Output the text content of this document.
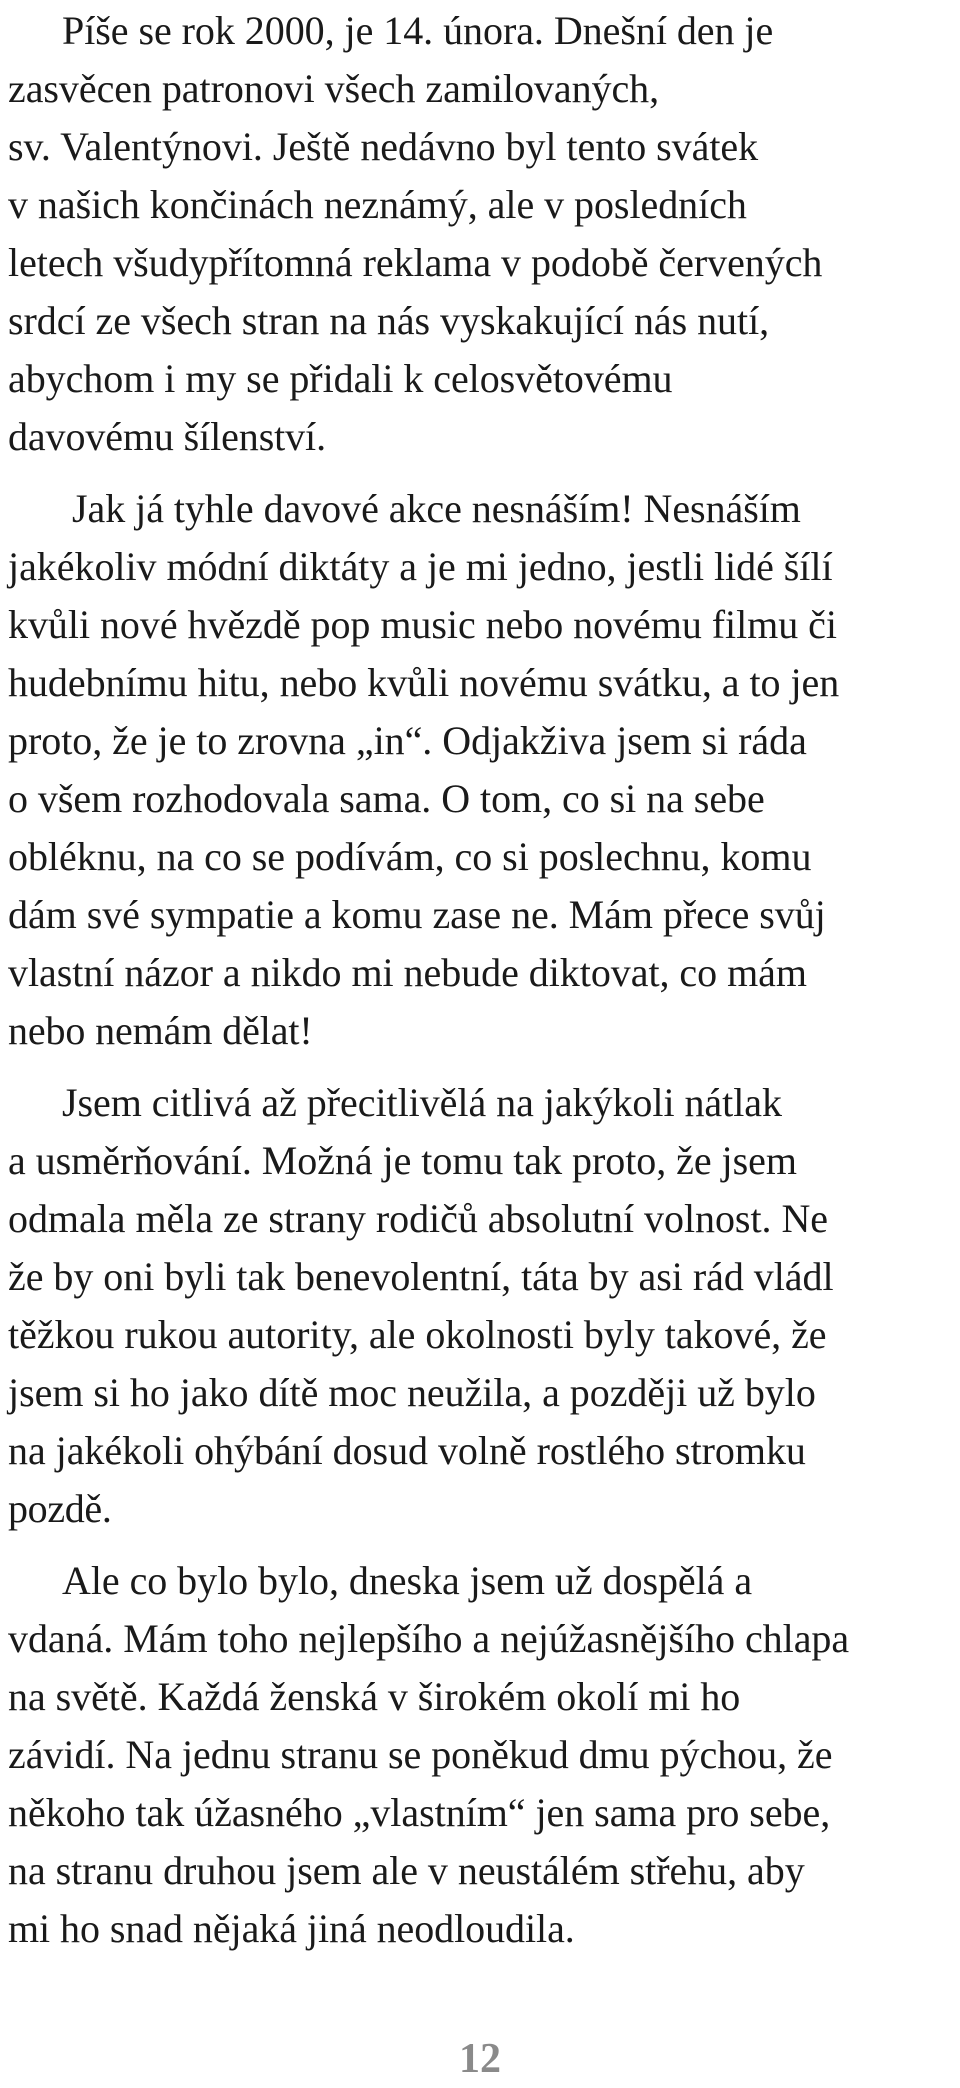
Píše se rok 2000, je 14. února. Dnešní den je
zasvěcen patronovi všech zamilovaných,
sv. Valentýnovi. Ještě nedávno byl tento svátek
v našich končinách neznámý, ale v posledních
letech všudypřítomná reklama v podobě červených
srdcí ze všech stran na nás vyskakující nás nutí,
abychom i my se přidali k celosvětovému
davovému šílenství.
Jak já tyhle davové akce nesnáším! Nesnáším
jakékoliv módní diktáty a je mi jedno, jestli lidé šílí
kvůli nové hvězdě pop music nebo novému filmu či
hudebnímu hitu, nebo kvůli novému svátku, a to jen
proto, že je to zrovna „in“. Odjakživa jsem si ráda
o všem rozhodovala sama. O tom, co si na sebe
obléknu, na co se podívám, co si poslechnu, komu
dám své sympatie a komu zase ne. Mám přece svůj
vlastní názor a nikdo mi nebude diktovat, co mám
nebo nemám dělat!
Jsem citlivá až přecitlivělá na jakýkoli nátlak
a usměrňování. Možná je tomu tak proto, že jsem
odmala měla ze strany rodičů absolutní volnost. Ne
že by oni byli tak benevolentní, táta by asi rád vládl
těžkou rukou autority, ale okolnosti byly takové, že
jsem si ho jako dítě moc neužila, a později už bylo
na jakékoli ohýbání dosud volně rostlého stromku
pozdě.
Ale co bylo bylo, dneska jsem už dospělá a
vdaná. Mám toho nejlepšího a nejúžasnějšího chlapa
na světě. Každá ženská v širokém okolí mi ho
závidí. Na jednu stranu se poněkud dmu pýchou, že
někoho tak úžasného „vlastním“ jen sama pro sebe,
na stranu druhou jsem ale v neustálém střehu, aby
mi ho snad nějaká jiná neodloudila.
12
